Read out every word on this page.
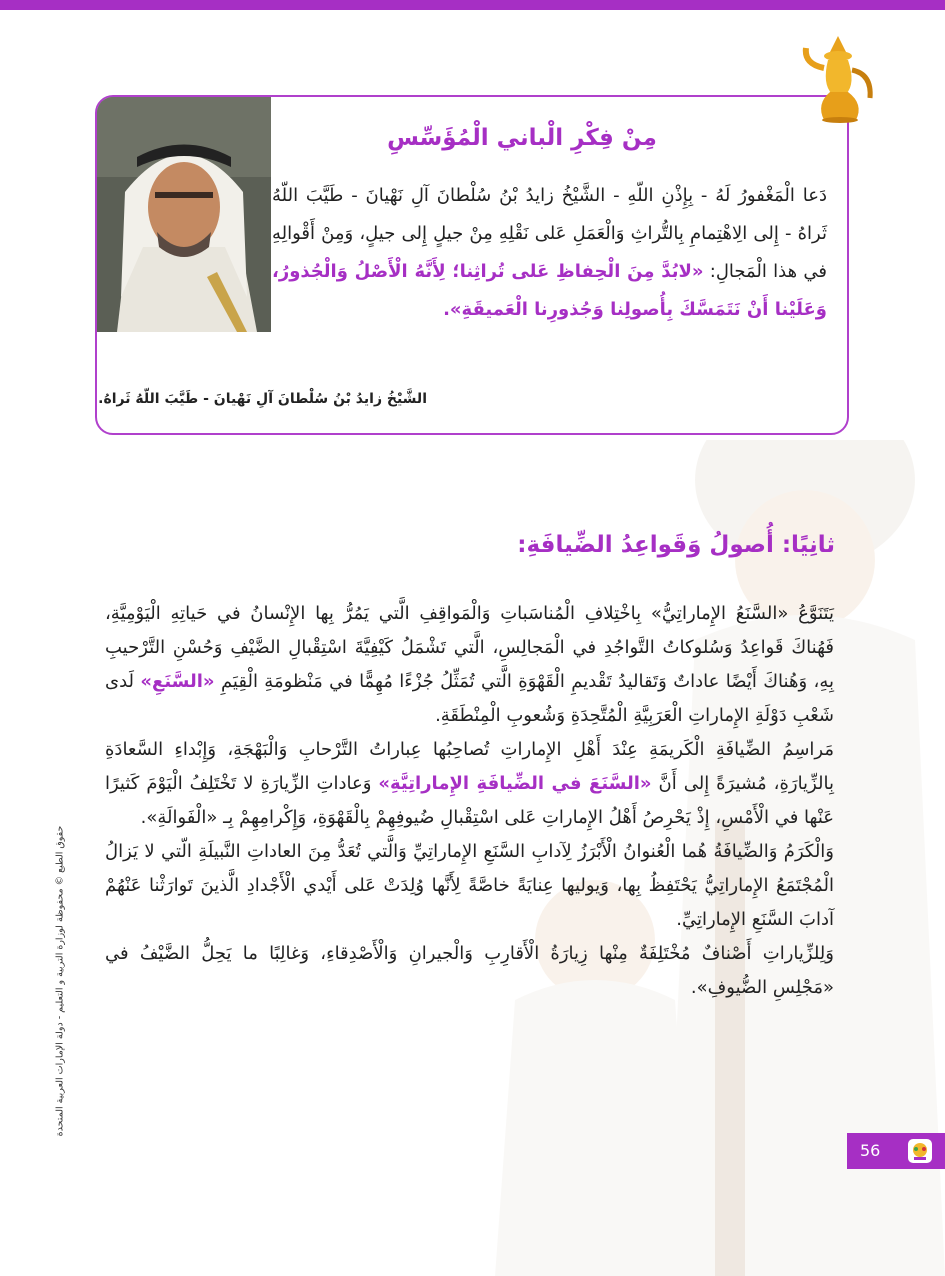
مِنْ فِكْرِ الْباني الْمُؤَسِّسِ

دَعا الْمَغْفورُ لَهُ - بِإِذْنِ اللّهِ - الشَّيْخُ زايدُ بْنُ سُلْطانَ آلِ نَهْيانَ - طَيَّبَ اللّهُ ثَراهُ - إِلى الِاهْتِمامِ بِالتُّراثِ وَالْعَمَلِ عَلى نَقْلِهِ مِنْ جيلٍ إِلى جيلٍ، وَمِنْ أَقْوالِهِ في هذا الْمَجالِ: «لابُدَّ مِنَ الْحِفاظِ عَلى تُراثِنا؛ لِأَنَّهُ الْأَصْلُ وَالْجُذورُ، وَعَلَيْنا أَنْ نَتَمَسَّكَ بِأُصولِنا وَجُذورِنا الْعَميقَةِ».

الشَّيْخُ زايدُ بْنُ سُلْطانَ آلِ نَهْيانَ - طَيَّبَ اللّهُ ثَراهُ.

ثانِيًا: أُصولُ وَقَواعِدُ الضِّيافَةِ:

يَتَنَوَّعُ «السَّنَعُ الإِماراتِيُّ» بِاخْتِلافِ الْمُناسَباتِ وَالْمَواقِفِ الَّتي يَمُرُّ بِها الإِنْسانُ في حَياتِهِ الْيَوْمِيَّةِ، فَهُناكَ قَواعِدُ وَسُلوكاتُ التَّواجُدِ في الْمَجالِسِ، الَّتي تَشْمَلُ كَيْفِيَّةَ اسْتِقْبالِ الضَّيْفِ وَحُسْنِ التَّرْحيبِ بِهِ، وَهُناكَ أَيْضًا عاداتٌ وَتَقاليدُ تَقْديمِ الْقَهْوَةِ الَّتي تُمَثِّلُ جُزْءًا مُهِمًّا في مَنْظومَةِ الْقِيَمِ «السَّنَعِ» لَدى شَعْبِ دَوْلَةِ الإِماراتِ الْعَرَبِيَّةِ الْمُتَّحِدَةِ وَشُعوبِ الْمِنْطَقَةِ.

مَراسِمُ الضِّيافَةِ الْكَريمَةِ عِنْدَ أَهْلِ الإِماراتِ تُصاحِبُها عِباراتُ التَّرْحابِ وَالْبَهْجَةِ، وَإِبْداءِ السَّعادَةِ بِالزِّيارَةِ، مُشيرَةً إِلى أَنَّ «السَّنَعَ في الضِّيافَةِ الإِماراتِيَّةِ» وَعاداتِ الزِّيارَةِ لا تَخْتَلِفُ الْيَوْمَ كَثيرًا عَنْها في الْأَمْسِ، إِذْ يَحْرِصُ أَهْلُ الإِماراتِ عَلى اسْتِقْبالِ ضُيوفِهِمْ بِالْقَهْوَةِ، وَإِكْرامِهِمْ بِـ «الْفَوالَةِ».

وَالْكَرَمُ وَالضِّيافَةُ هُما الْعُنوانُ الْأَبْرَزُ لِآدابِ السَّنَعِ الإِماراتِيِّ وَالَّتي تُعَدُّ مِنَ العاداتِ النَّبيلَةِ الّتي لا يَزالُ الْمُجْتَمَعُ الإِماراتِيُّ يَحْتَفِظُ بِها، وَيوليها عِنايَةً خاصَّةً لِأَنَّها وُلِدَتْ عَلى أَيْدي الْأَجْدادِ الَّذينَ تَوارَثْنا عَنْهُمْ آدابَ السَّنَعِ الإِماراتِيِّ.

وَلِلزِّياراتِ أَصْنافٌ مُخْتَلِفَةٌ مِنْها زِيارَةُ الْأَقارِبِ وَالْجيرانِ وَالْأَصْدِقاءِ، وَغالِبًا ما يَحِلُّ الضَّيْفُ في «مَجْلِسِ الضُّيوفِ».

حقوق الطبع © محفوظة لوزارة التربية و التعليم - دولة الإمارات العربية المتحدة
56
